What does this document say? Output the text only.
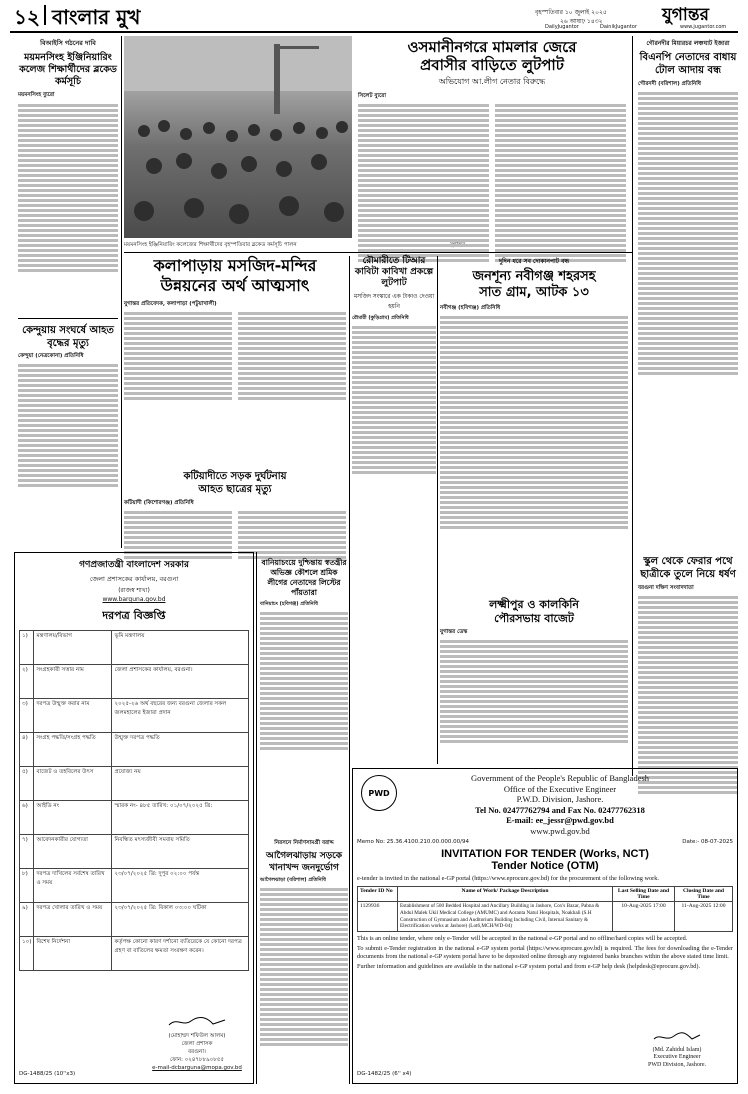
১২ বাংলার মুখ	বৃহস্পতিবার ১০ জুলাই ২০২৫
২৬ আষাঢ় ১৪৩২	যুগান্তর
DailyJugantor	DainikJugantor	www.jugantor.com
বিআইসি গঠনের দাবি
ময়মনসিংহ ইঞ্জিনিয়ারিং কলেজ শিক্ষার্থীদের ব্লকেড কর্মসূচি
ময়মনসিংহ ব্যুরো
ময়মনসিংহ ইঞ্জিনিয়ারিং কলেজের শিক্ষার্থীদের বৃহস্পতিবার ব্লকেড কর্মসূচি পালন
ওসমানীনগরে মামলার জেরে
প্রবাসীর বাড়িতে লুটপাট
অভিযোগ আ.লীগ নেতার বিরুদ্ধে
সিলেট ব্যুরো
গৌরনদীর মিয়ারচর লঞ্চঘাট ইজারা
বিএনপি নেতাদের বাধায় টোল আদায় বন্ধ
গৌরনদী (বরিশাল) প্রতিনিধি
স্কুল থেকে ফেরার পথে ছাত্রীকে তুলে নিয়ে ধর্ষণ
বরগুনা দক্ষিণ সংবাদদাতা
কেন্দুয়ায় সংঘর্ষে আহত বৃদ্ধের মৃত্যু
কেন্দুয়া (নেত্রকোনা) প্রতিনিধি
কলাপাড়ায় মসজিদ-মন্দির
উন্নয়নের অর্থ আত্মসাৎ
যুগান্তর প্রতিবেদক, কলাপাড়া (পটুয়াখালী)
কটিয়াদীতে সড়ক দুর্ঘটনায় আহত ছাত্রের মৃত্যু
কটিয়াদী (কিশোরগঞ্জ) প্রতিনিধি
রৌমারীতে টিআর কাবিটা কাবিখা প্রকল্পে লুটপাট
মসজিদ সংস্কারে এক টাকাও দেওয়া হয়নি
রৌমারী (কুড়িগ্রাম) প্রতিনিধি
দুদিন ধরে সব দোকানপাট বন্ধ
জনশূন্য নবীগঞ্জ শহরসহ
সাত গ্রাম, আটক ১৩
নবীগঞ্জ (হবিগঞ্জ) প্রতিনিধি
লক্ষ্মীপুর ও কালকিনি
পৌরসভায় বাজেট
যুগান্তর ডেস্ক
বানিয়াচংয়ে দুশ্চিন্তায় স্বতন্ত্রীর অভিজ্ঞ কৌশলে শ্রমিক লীগের নেতাদের লিস্টের পাঁয়তারা
বানিয়াচং (হবিগঞ্জ) প্রতিনিধি
নিরসনে নির্মাণসামগ্রী বরাদ্দ
আগৈলঝাড়ায় সড়কে খানাখন্দ জনদুর্ভোগ
আগৈলঝাড়া (বরিশাল) প্রতিনিধি
গণপ্রজাতন্ত্রী বাংলাদেশ সরকার
জেলা প্রশাসকের কার্যালয়, বরগুনা
(রাজস্ব শাখা)
www.barguna.gov.bd
দরপত্র বিজ্ঞপ্তি
১)	মন্ত্রণালয়/বিভাগ	ভূমি মন্ত্রণালয়
২)	সংগ্রহকারী সত্তার নাম	জেলা প্রশাসকের কার্যালয়, বরগুনা।
৩)	দরপত্র উন্মুক্ত করার নাম	২০২৫-২৬ অর্থ বছরের জন্য বরগুনা জেলার সকল জলমহালের ইজারা প্রদান
৪)	সংগ্রহ পদ্ধতি/সংগ্রহ পদ্ধতি	উন্মুক্ত দরপত্র পদ্ধতি
৫)	বাজেট ও তহবিলের উৎস	প্রযোজ্য নয়
৬)	আইডি নং	স্মারক নং- ৪৮৫ তারিখ: ০১/০৭/২০২৫ খ্রি:
৭)	আবেদনকারীর যোগ্যতা	নিবন্ধিত মৎস্যজীবী সমবায় সমিতি
৮)	দরপত্র দাখিলের সর্বশেষ তারিখ ও সময়	২৩/০৭/২০২৫ খ্রি: দুপুর ০২:০০ পর্যন্ত
৯)	দরপত্র খোলার তারিখ ও সময়	২৩/০৭/২০২৫ খ্রি: বিকাল ০৩:০০ ঘটিকা
১০)	বিশেষ নির্দেশনা	কর্তৃপক্ষ কোনো কারণ দর্শানো ব্যতিরেকে যে কোনো দরপত্র গ্রহণ বা বাতিলের ক্ষমতা সংরক্ষণ করেন।
(মোহাম্মদ শফিউল আলম)
জেলা প্রশাসক
বরগুনা।
ফোন: ০২৪৭৮৮৯০৮৫৫
e-mail-dcbarguna@mopa.gov.bd
DG-1488/25 (10''x3)
PWD
Government of the People's Republic of Bangladesh
Office of the Executive Engineer
P.W.D. Division, Jashore.
Tel No. 02477762794 and Fax No. 02477762318
E-mail: ee_jessr@pwd.gov.bd
www.pwd.gov.bd
Memo No: 25.36.4100.210.00.000.00/94	Date:- 08-07-2025
INVITATION FOR TENDER (Works, NCT)
Tender Notice (OTM)
e-tender is invited in the national e-GP portal (https://www.eprocure.gov.bd) for the procurement of the following work.
Tender ID No	Name of Work/ Package Description	Last Selling Date and Time	Closing Date and Time
1129936	Establishment of 500 Bedded Hospital and Ancillary Building in Jashore, Cox's Bazar, Pabna & Abdul Malek Ukil Medical College (AMUMC) and Aoranta Natul Hospitals, Noakhali (S.H Construction of Gymnasium and Auditorium Building Including Civil, Internal Sanitary & Electrification works at Jashore) (Lot6,MCH/WD-04)	10-Aug-2025 17:00	11-Aug-2025 12:00
This is an online tender, where only e-Tender will be accepted in the national e-GP portal and no offline/hard copies will be accepted.
To submit e-Tender registration in the national e-GP system portal (https://www.eprocure.gov.bd) is required. The fees for downloading the e-Tender documents from the national e-GP system portal have to be deposited online through any registered banks branches within the above stated time limit.
Further information and guidelines are available in the national e-GP system portal and from e-GP help desk (helpdesk@eprocure.gov.bd).
(Md. Zahidul Islam)
Executive Engineer
PWD Division, Jashore.
DG-1482/25 (6'' x4)
